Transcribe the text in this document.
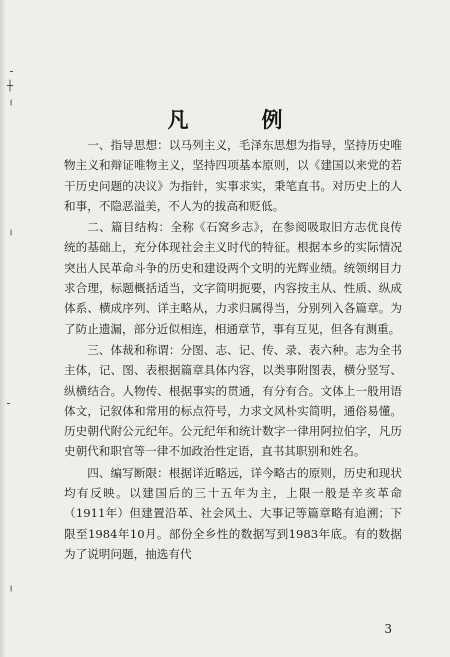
╴
┼
╵
╷
╴
╷
凡　例

一、指导思想：以马列主义，毛泽东思想为指导，坚持历史唯物主义和辩证唯物主义，坚持四项基本原则，以《建国以来党的若干历史问题的决议》为指针，实事求实，秉笔直书。对历史上的人和事，不隐恶溢美，不人为的拔高和贬低。

二、篇目结构：全称《石窝乡志》，在参阅吸取旧方志优良传统的基础上，充分体现社会主义时代的特征。根据本乡的实际情况突出人民革命斗争的历史和建设两个文明的光辉业绩。统领纲目力求合理，标题概括适当，文字简明扼要，内容按主从、性质、纵成体系、横成序列、详主略从，力求归属得当，分别列入各篇章。为了防止遗漏，部分近似相连，相通章节，事有互见，但各有测重。

三、体裁和称谓：分图、志、记、传、录、表六种。志为全书主体，记、图、表根据篇章具体内容，以类事附图表，横分竖写、纵横结合。人物传、根据事实的贯通，有分有合。文体上一般用语体文，记叙体和常用的标点符号，力求文风朴实简明，通俗易懂。历史朝代附公元纪年。公元纪年和统计数字一律用阿拉伯字，凡历史朝代和职官等一律不加政治性定语，直书其职别和姓名。

四、编写断限：根据详近略远，详今略古的原则，历史和现状均有反映。以建国后的三十五年为主，上限一般是辛亥革命（1911年）但建置沿革、社会风土、大事记等篇章略有追溯；下限至1984年10月。部份全乡性的数据写到1983年底。有的数据为了说明问题，抽选有代

3
